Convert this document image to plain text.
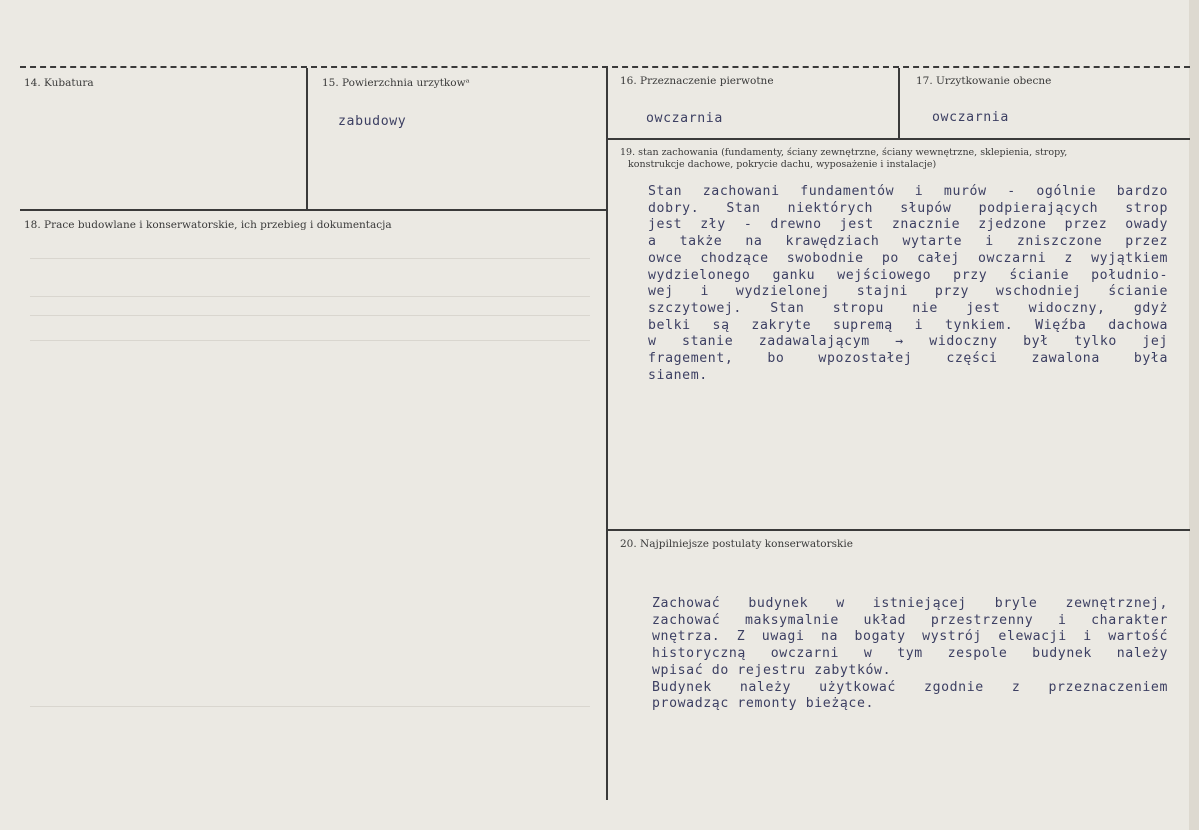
14. Kubatura	15. Powierzchnia urzytkowᵃ
zabudowy
16. Przeznaczenie pierwotne
owczarnia
17. Urzytkowanie obecne
owczarnia
18. Prace budowlane i konserwatorskie, ich przebieg i dokumentacja
19. stan zachowania (fundamenty, ściany zewnętrzne, ściany wewnętrzne, sklepienia, stropy,
konstrukcje dachowe, pokrycie dachu, wyposażenie i instalacje)
Stan zachowani fundamentów i murów - ogólnie bardzo
dobry. Stan niektórych słupów podpierających strop
jest zły - drewno jest znacznie zjedzone przez owady
a także na krawędziach wytarte i zniszczone przez
owce chodzące swobodnie po całej owczarni z wyjątkiem
wydzielonego ganku wejściowego przy ścianie południo-
wej i wydzielonej stajni przy wschodniej ścianie
szczytowej. Stan stropu nie jest widoczny, gdyż
belki są zakryte supremą i tynkiem. Więźba dachowa
w stanie zadawalającym → widoczny był tylko jej
fragement, bo wpozostałej części zawalona była
sianem.
20. Najpilniejsze postulaty konserwatorskie
Zachować budynek w istniejącej bryle zewnętrznej,
zachować maksymalnie układ przestrzenny i charakter
wnętrza. Z uwagi na bogaty wystrój elewacji i wartość
historyczną owczarni w tym zespole budynek należy
wpisać do rejestru zabytków.
Budynek należy użytkować zgodnie z przeznaczeniem
prowadząc remonty bieżące.
